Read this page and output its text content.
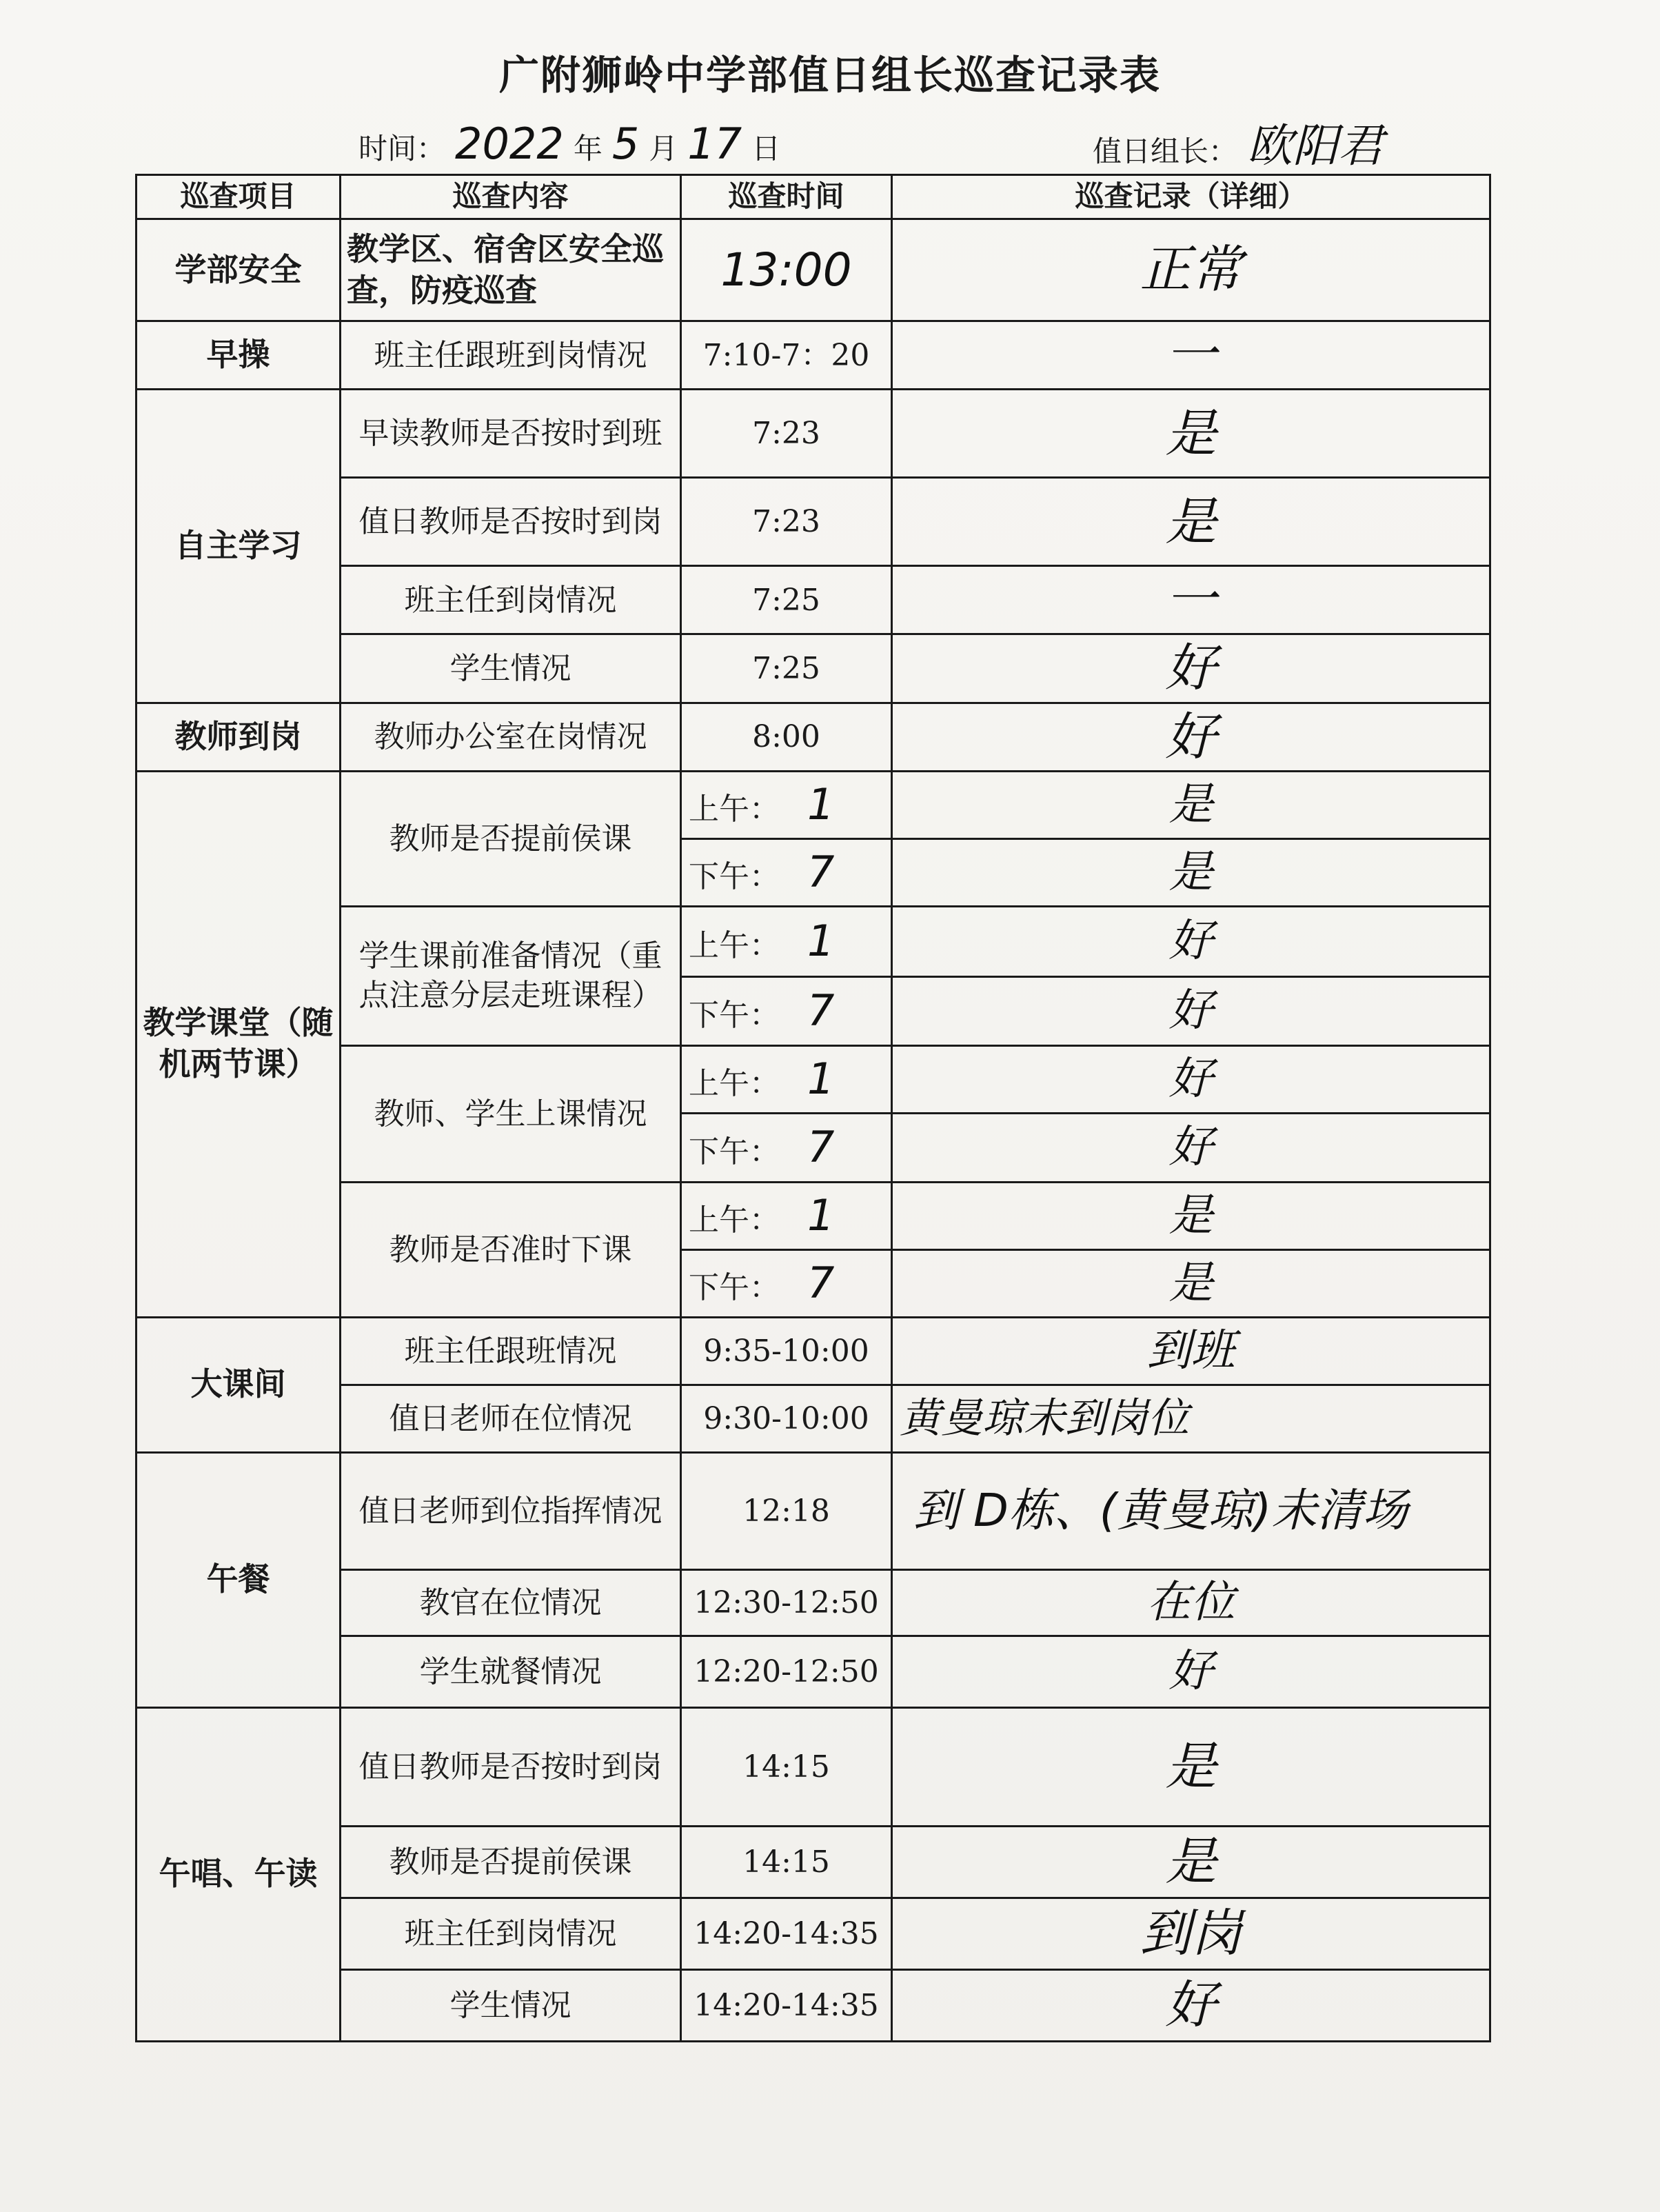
广附狮岭中学部值日组长巡查记录表
时间： 2022 年 5 月 17 日	值日组长： 欧阳君
巡查项目	巡查内容	巡查时间	巡查记录（详细）
学部安全	教学区、宿舍区安全巡查，防疫巡查	13:00	正常
早操	班主任跟班到岗情况	7:10-7：20	一
自主学习	早读教师是否按时到班	7:23	是
	值日教师是否按时到岗	7:23	是
	班主任到岗情况	7:25	一
	学生情况	7:25	好
教师到岗	教师办公室在岗情况	8:00	好
教学课堂（随机两节课）	教师是否提前侯课	上午： 1	是
		下午： 7	是
	学生课前准备情况（重点注意分层走班课程）	上午： 1	好
		下午： 7	好
	教师、学生上课情况	上午： 1	好
		下午： 7	好
	教师是否准时下课	上午： 1	是
		下午： 7	是
大课间	班主任跟班情况	9:35-10:00	到班
	值日老师在位情况	9:30-10:00	黄曼琼未到岗位
午餐	值日老师到位指挥情况	12:18	到 D栋、(黄曼琼)未清场
	教官在位情况	12:30-12:50	在位
	学生就餐情况	12:20-12:50	好
午唱、午读	值日教师是否按时到岗	14:15	是
	教师是否提前侯课	14:15	是
	班主任到岗情况	14:20-14:35	到岗
	学生情况	14:20-14:35	好
